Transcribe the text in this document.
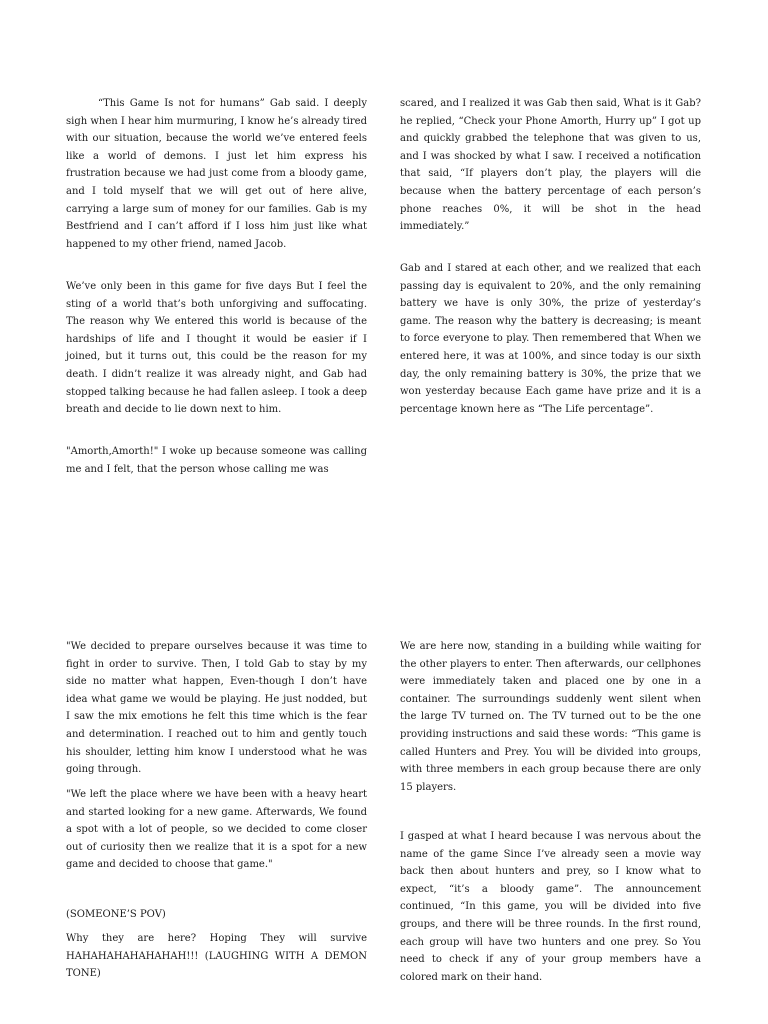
“This Game Is not for humans” Gab said. I deeply sigh when I hear him murmuring, I know he’s already tired with our situation, because the world we’ve entered feels like a world of demons. I just let him express his frustration because we had just come from a bloody game, and I told myself that we will get out of here alive, carrying a large sum of money for our families. Gab is my Bestfriend and I can’t afford if I loss him just like what happened to my other friend, named Jacob.

We’ve only been in this game for five days But I feel the sting of a world that’s both unforgiving and suffocating. The reason why We entered this world is because of the hardships of life and I thought it would be easier if I joined, but it turns out, this could be the reason for my death. I didn’t realize it was already night, and Gab had stopped talking because he had fallen asleep. I took a deep breath and decide to lie down next to him.

"Amorth,Amorth!" I woke up because someone was calling me and I felt, that the person whose calling me was

scared, and I realized it was Gab then said, What is it Gab? he replied, “Check your Phone Amorth, Hurry up” I got up and quickly grabbed the telephone that was given to us, and I was shocked by what I saw. I received a notification that said, “If players don’t play, the players will die because when the battery percentage of each person’s phone reaches 0%, it will be shot in the head immediately.”

Gab and I stared at each other, and we realized that each passing day is equivalent to 20%, and the only remaining battery we have is only 30%, the prize of yesterday’s game. The reason why the battery is decreasing; is meant to force everyone to play. Then remembered that When we entered here, it was at 100%, and since today is our sixth day, the only remaining battery is 30%, the prize that we won yesterday because Each game have prize and it is a percentage known here as “The Life percentage”.

"We decided to prepare ourselves because it was time to fight in order to survive. Then, I told Gab to stay by my side no matter what happen, Even-though I don’t have idea what game we would be playing. He just nodded, but I saw the mix emotions he felt this time which is the fear and determination. I reached out to him and gently touch his shoulder, letting him know I understood what he was going through.

"We left the place where we have been with a heavy heart and started looking for a new game. Afterwards, We found a spot with a lot of people, so we decided to come closer out of curiosity then we realize that it is a spot for a new game and decided to choose that game."

(SOMEONE’S POV)

Why they are here? Hoping They will survive HAHAHAHAHAHAHAH!!! (LAUGHING WITH A DEMON TONE)

We are here now, standing in a building while waiting for the other players to enter. Then afterwards, our cellphones were immediately taken and placed one by one in a container. The surroundings suddenly went silent when the large TV turned on. The TV turned out to be the one providing instructions and said these words: “This game is called Hunters and Prey. You will be divided into groups, with three members in each group because there are only 15 players.

I gasped at what I heard because I was nervous about the name of the game Since I’ve already seen a movie way back then about hunters and prey, so I know what to expect, “it’s a bloody game”. The announcement continued, “In this game, you will be divided into five groups, and there will be three rounds. In the first round, each group will have two hunters and one prey. So You need to check if any of your group members have a colored mark on their hand.
